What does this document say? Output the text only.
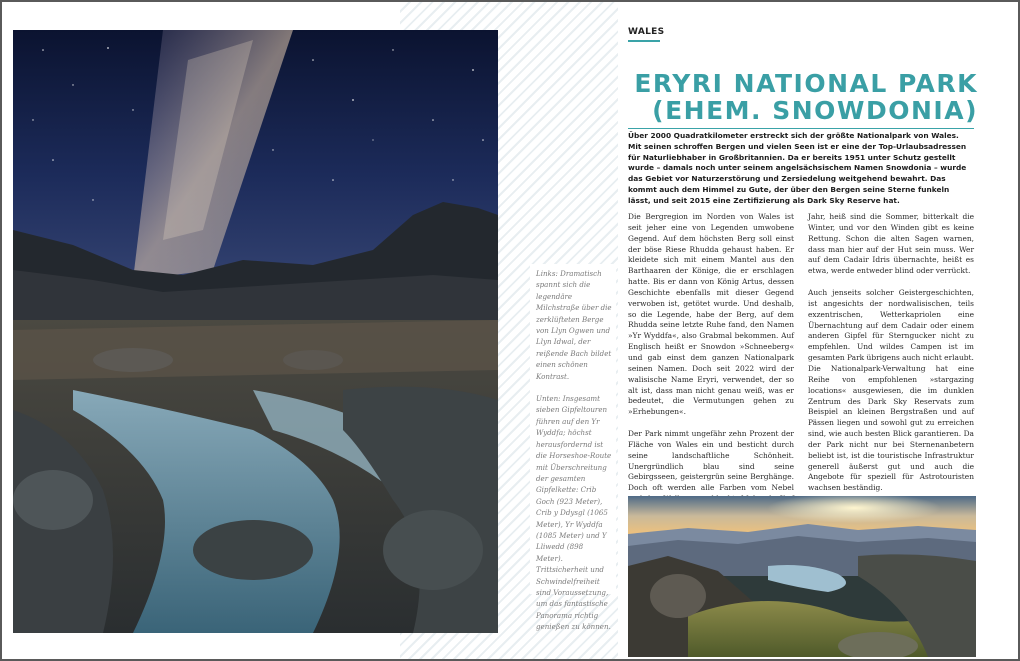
Links: Dramatisch spannt sich die legendäre Milchstraße über die zerklüfteten Berge von Llyn Ogwen und Llyn Idwal, der reißende Bach bildet einen schönen Kontrast.

Unten: Insgesamt sieben Gipfeltouren führen auf den Yr Wyddfa; höchst herausfordernd ist die Horseshoe-Route mit Überschreitung der gesamten Gipfelkette: Crib Goch (923 Meter), Crib y Ddysgl (1065 Meter), Yr Wyddfa (1085 Meter) und Y Lliwedd (898 Meter). Trittsicherheit und Schwindelfreiheit sind Voraussetzung, um das fantastische Panorama richtig genießen zu können.

WALES
ERYRI NATIONAL PARK
(EHEM. SNOWDONIA)

Über 2000 Quadratkilometer erstreckt sich der größte Nationalpark von Wales. Mit seinen schroffen Bergen und vielen Seen ist er eine der Top-Urlaubsadressen für Naturliebhaber in Großbritannien. Da er bereits 1951 unter Schutz gestellt wurde – damals noch unter seinem angelsächsischem Namen Snowdonia – wurde das Gebiet vor Naturzerstörung und Zersiedelung weitgehend bewahrt. Das kommt auch dem Himmel zu Gute, der über den Bergen seine Sterne funkeln lässt, und seit 2015 eine Zertifizierung als Dark Sky Reserve hat.

Die Bergregion im Norden von Wales ist seit jeher eine von Legenden umwobene Gegend. Auf dem höchsten Berg soll einst der böse Riese Rhudda gehaust haben. Er kleidete sich mit einem Mantel aus den Barthaaren der Könige, die er erschlagen hatte. Bis er dann von König Artus, dessen Geschichte ebenfalls mit dieser Gegend verwoben ist, getötet wurde. Und deshalb, so die Legende, habe der Berg, auf dem Rhudda seine letzte Ruhe fand, den Namen »Yr Wyddfa«, also Grabmal bekommen. Auf Englisch heißt er Snowdon »Schneeberg« und gab einst dem ganzen Nationalpark seinen Namen. Doch seit 2022 wird der walisische Name Eryri, verwendet, der so alt ist, dass man nicht genau weiß, was er bedeutet, die Vermutungen gehen zu »Erhebungen«.

Der Park nimmt ungefähr zehn Prozent der Fläche von Wales ein und besticht durch seine landschaftliche Schönheit. Unergründlich blau sind seine Gebirgsseen, geistergrün seine Berghänge. Doch oft werden alle Farben vom Nebel

Jahr, heiß sind die Sommer, bitterkalt die Winter, und vor den Winden gibt es keine Rettung. Schon die alten Sagen warnen, dass man hier auf der Hut sein muss. Wer auf dem Cadair Idris übernachte, heißt es etwa, werde entweder blind oder verrückt.

Auch jenseits solcher Geistergeschichten, ist angesichts der nordwalisischen, teils exzentrischen, Wetterkapriolen eine Übernachtung auf dem Cadair oder einem anderen Gipfel für Sterngucker nicht zu empfehlen. Und wildes Campen ist im gesamten Park übrigens auch nicht erlaubt.

Die Nationalpark-Verwaltung hat eine Reihe von empfohlenen »stargazing locations« ausgewiesen, die im dunklen Zentrum des Dark Sky Reservats zum Beispiel an kleinen Bergstraßen und auf Pässen liegen und sowohl gut zu erreichen sind, wie auch besten Blick garantieren. Da der Park nicht nur bei Sternenanbetern beliebt ist, ist die touristische Infrastruktur generell äußerst gut und auch die Angebote für speziell für Astrotouristen wachsen beständig.
